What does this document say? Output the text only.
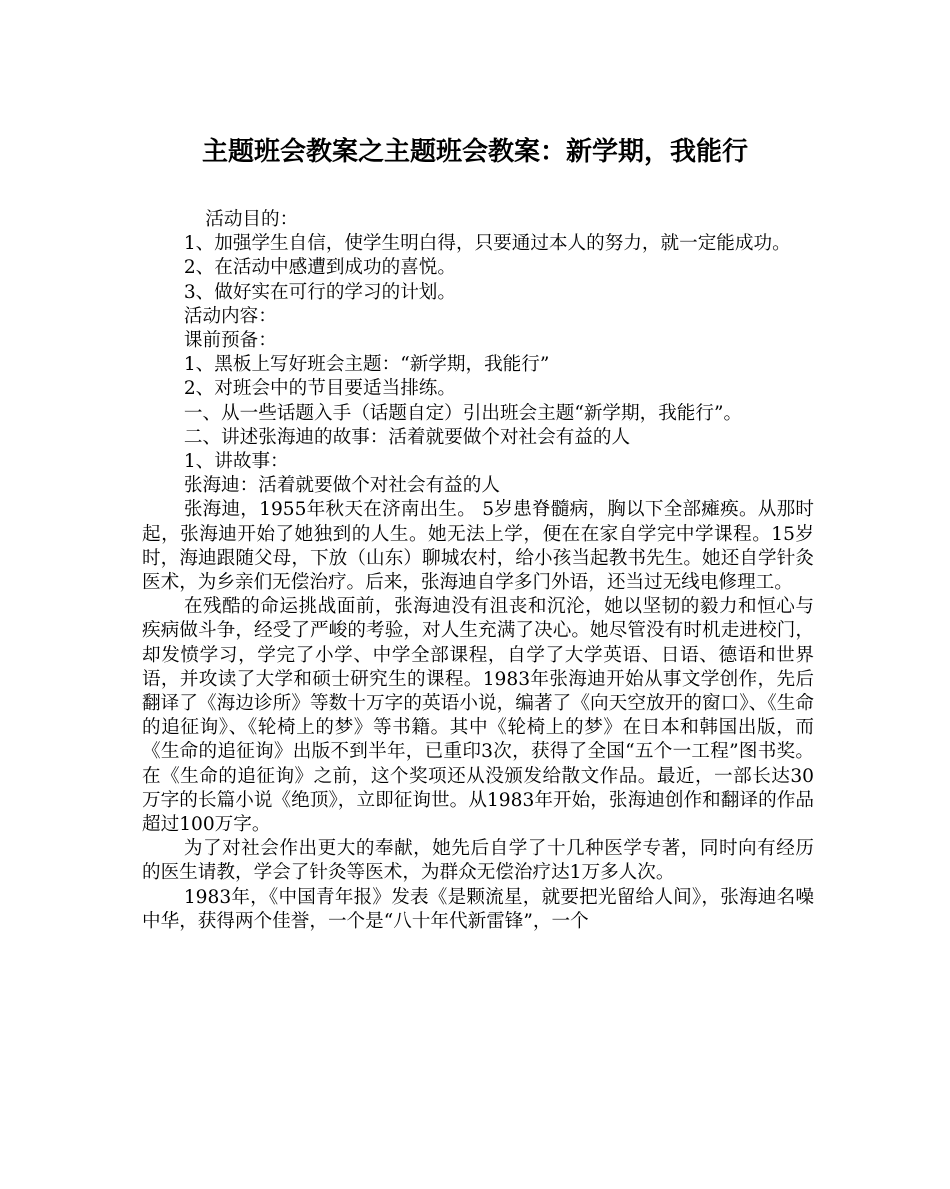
主题班会教案之主题班会教案：新学期，我能行

活动目的：

1、加强学生自信，使学生明白得，只要通过本人的努力，就一定能成功。

2、在活动中感遭到成功的喜悦。

3、做好实在可行的学习的计划。

活动内容：

课前预备：

1、黑板上写好班会主题：“新学期，我能行”

2、对班会中的节目要适当排练。

一、从一些话题入手（话题自定）引出班会主题“新学期，我能行”。

二、讲述张海迪的故事：活着就要做个对社会有益的人

1、讲故事：

张海迪：活着就要做个对社会有益的人

张海迪，1955年秋天在济南出生。 5岁患脊髓病，胸以下全部瘫痪。从那时起，张海迪开始了她独到的人生。她无法上学，便在在家自学完中学课程。15岁时，海迪跟随父母，下放（山东）聊城农村，给小孩当起教书先生。她还自学针灸医术，为乡亲们无偿治疗。后来，张海迪自学多门外语，还当过无线电修理工。

在残酷的命运挑战面前，张海迪没有沮丧和沉沦，她以坚韧的毅力和恒心与疾病做斗争，经受了严峻的考验，对人生充满了决心。她尽管没有时机走进校门，却发愤学习，学完了小学、中学全部课程，自学了大学英语、日语、德语和世界语，并攻读了大学和硕士研究生的课程。1983年张海迪开始从事文学创作，先后翻译了《海边诊所》等数十万字的英语小说，编著了《向天空放开的窗口》、《生命的追征询》、《轮椅上的梦》等书籍。其中《轮椅上的梦》在日本和韩国出版，而《生命的追征询》出版不到半年，已重印3次，获得了全国“五个一工程”图书奖。在《生命的追征询》之前，这个奖项还从没颁发给散文作品。最近，一部长达30万字的长篇小说《绝顶》，立即征询世。从1983年开始，张海迪创作和翻译的作品超过100万字。

为了对社会作出更大的奉献，她先后自学了十几种医学专著，同时向有经历的医生请教，学会了针灸等医术，为群众无偿治疗达1万多人次。

1983年，《中国青年报》发表《是颗流星，就要把光留给人间》，张海迪名噪中华，获得两个佳誉，一个是“八十年代新雷锋”，一个
